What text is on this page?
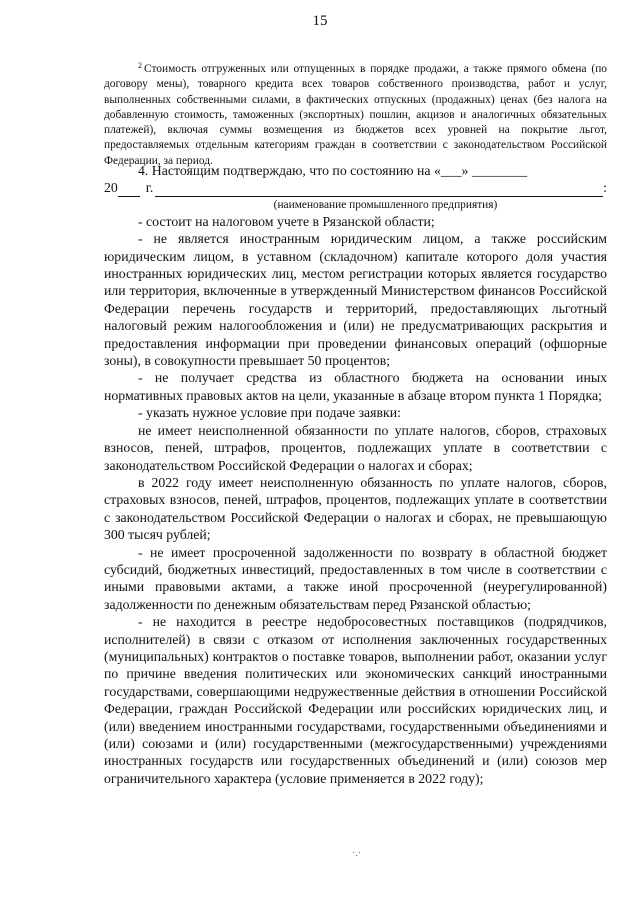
15
$^2$ Стоимость отгруженных или отпущенных в порядке продажи, а также прямого обмена (по договору мены), товарного кредита всех товаров собственного производства, работ и услуг, выполненных собственными силами, в фактических отпускных (продажных) ценах (без налога на добавленную стоимость, таможенных (экспортных) пошлин, акцизов и аналогичных обязательных платежей), включая суммы возмещения из бюджетов всех уровней на покрытие льгот, предоставляемых отдельным категориям граждан в соответствии с законодательством Российской Федерации, за период.

4. Настоящим подтверждаю, что по состоянию на «___» ________

20 г.	:
(наименование промышленного предприятия)

- состоит на налоговом учете в Рязанской области;

- не является иностранным юридическим лицом, а также российским юридическим лицом, в уставном (складочном) капитале которого доля участия иностранных юридических лиц, местом регистрации которых является государство или территория, включенные в утвержденный Министерством финансов Российской Федерации перечень государств и территорий, предоставляющих льготный налоговый режим налогообложения и (или) не предусматривающих раскрытия и предоставления информации при проведении финансовых операций (офшорные зоны), в совокупности превышает 50 процентов;

- не получает средства из областного бюджета на основании иных нормативных правовых актов на цели, указанные в абзаце втором пункта 1 Порядка;

- указать нужное условие при подаче заявки:

не имеет неисполненной обязанности по уплате налогов, сборов, страховых взносов, пеней, штрафов, процентов, подлежащих уплате в соответствии с законодательством Российской Федерации о налогах и сборах;

в 2022 году имеет неисполненную обязанность по уплате налогов, сборов, страховых взносов, пеней, штрафов, процентов, подлежащих уплате в соответствии с законодательством Российской Федерации о налогах и сборах, не превышающую 300 тысяч рублей;

- не имеет просроченной задолженности по возврату в областной бюджет субсидий, бюджетных инвестиций, предоставленных в том числе в соответствии с иными правовыми актами, а также иной просроченной (неурегулированной) задолженности по денежным обязательствам перед Рязанской областью;

- не находится в реестре недобросовестных поставщиков (подрядчиков, исполнителей) в связи с отказом от исполнения заключенных государственных (муниципальных) контрактов о поставке товаров, выполнении работ, оказании услуг по причине введения политических или экономических санкций иностранными государствами, совершающими недружественные действия в отношении Российской Федерации, граждан Российской Федерации или российских юридических лиц, и (или) введением иностранными государствами, государственными объединениями и (или) союзами и (или) государственными (межгосударственными) учреждениями иностранных государств или государственных объединений и (или) союзов мер ограничительного характера (условие применяется в 2022 году);

·.·
